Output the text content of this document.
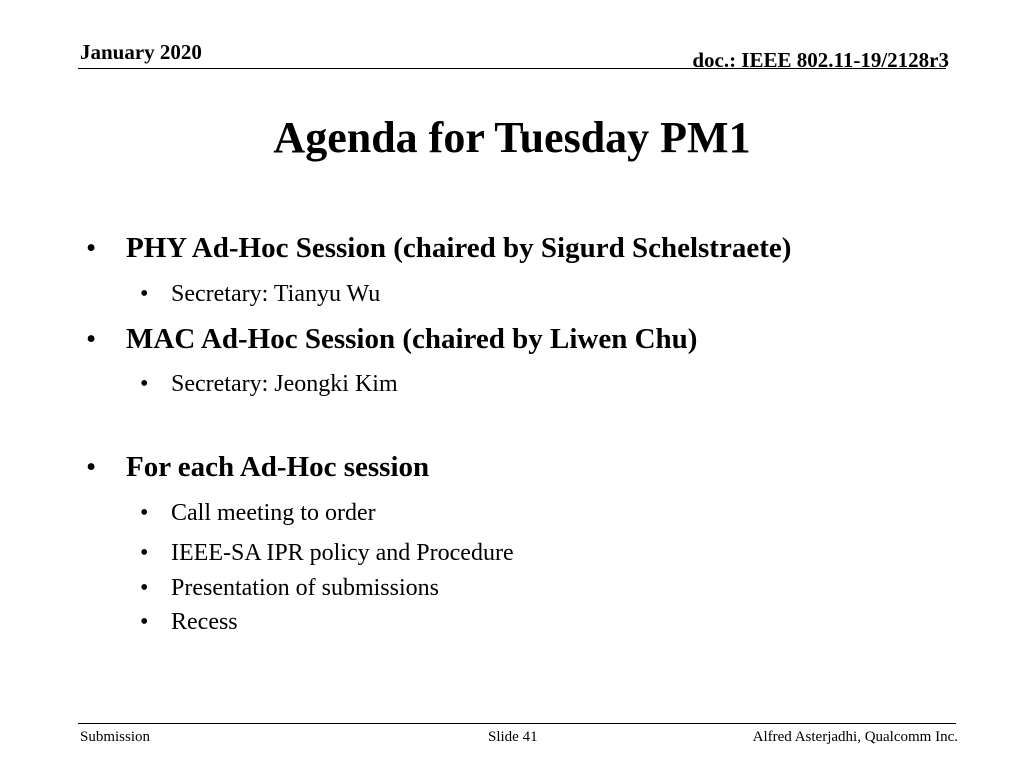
January 2020	doc.: IEEE 802.11-19/2128r3
Agenda for Tuesday PM1
• PHY Ad-Hoc Session (chaired by Sigurd Schelstraete)
• Secretary: Tianyu Wu
• MAC Ad-Hoc Session (chaired by Liwen Chu)
• Secretary: Jeongki Kim
• For each Ad-Hoc session
• Call meeting to order
• IEEE-SA IPR policy and Procedure
• Presentation of submissions
• Recess
Submission	Slide 41	Alfred Asterjadhi, Qualcomm Inc.
